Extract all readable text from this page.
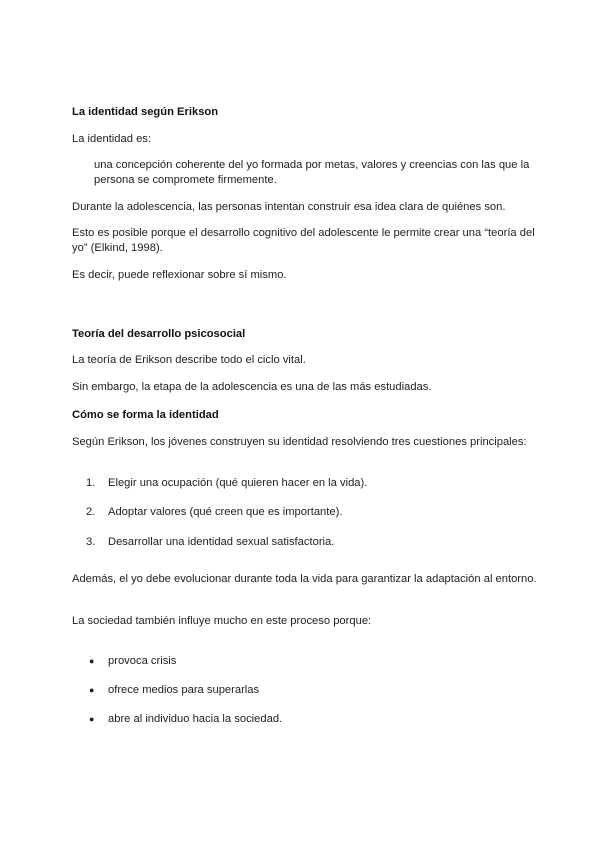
La identidad según Erikson

La identidad es:

una concepción coherente del yo formada por metas, valores y creencias con las que la persona se compromete firmemente.

Durante la adolescencia, las personas intentan construir esa idea clara de quiénes son.

Esto es posible porque el desarrollo cognitivo del adolescente le permite crear una “teoría del yo” (Elkind, 1998).

Es decir, puede reflexionar sobre sí mismo.

Teoría del desarrollo psicosocial

La teoría de Erikson describe todo el ciclo vital.

Sin embargo, la etapa de la adolescencia es una de las más estudiadas.

Cómo se forma la identidad

Según Erikson, los jóvenes construyen su identidad resolviendo tres cuestiones principales:

1. Elegir una ocupación (qué quieren hacer en la vida).
2. Adoptar valores (qué creen que es importante).
3. Desarrollar una identidad sexual satisfactoria.

Además, el yo debe evolucionar durante toda la vida para garantizar la adaptación al entorno.

La sociedad también influye mucho en este proceso porque:

● provoca crisis
● ofrece medios para superarlas
● abre al individuo hacia la sociedad.
